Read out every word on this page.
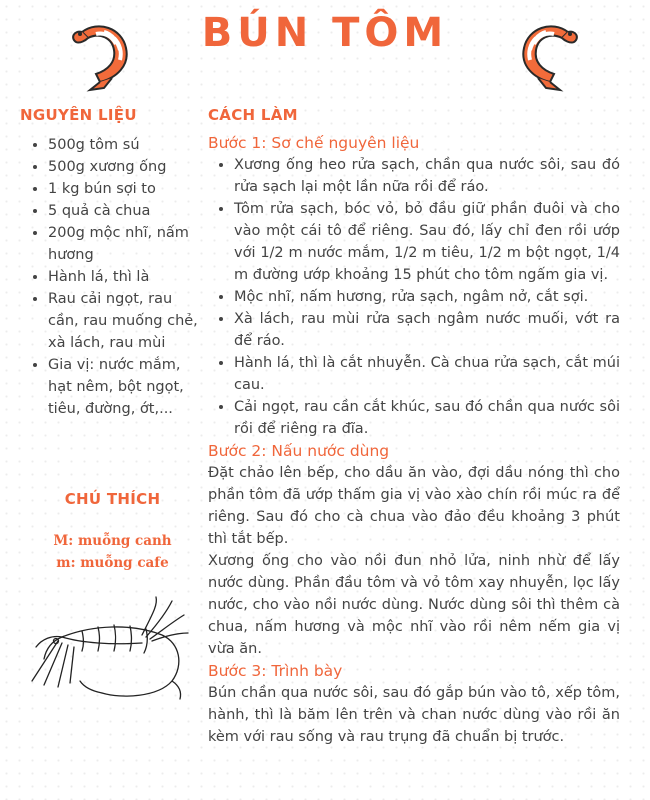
BÚN TÔM
NGUYÊN LIỆU
• 500g tôm sú
• 500g xương ống
• 1 kg bún sợi to
• 5 quả cà chua
• 200g mộc nhĩ, nấm hương
• Hành lá, thì là
• Rau cải ngọt, rau cần, rau muống chẻ, xà lách, rau mùi
• Gia vị: nước mắm, hạt nêm, bột ngọt, tiêu, đường, ớt,...
CHÚ THÍCH
M: muỗng canh
m: muỗng cafe
CÁCH LÀM
Bước 1: Sơ chế nguyên liệu
• Xương ống heo rửa sạch, chần qua nước sôi, sau đó rửa sạch lại một lần nữa rồi để ráo.
• Tôm rửa sạch, bóc vỏ, bỏ đầu giữ phần đuôi và cho vào một cái tô để riêng. Sau đó, lấy chỉ đen rồi ướp với 1/2 m nước mắm, 1/2 m tiêu, 1/2 m bột ngọt, 1/4 m đường ướp khoảng 15 phút cho tôm ngấm gia vị.
• Mộc nhĩ, nấm hương, rửa sạch, ngâm nở, cắt sợi.
• Xà lách, rau mùi rửa sạch ngâm nước muối, vớt ra để ráo.
• Hành lá, thì là cắt nhuyễn. Cà chua rửa sạch, cắt múi cau.
• Cải ngọt, rau cần cắt khúc, sau đó chần qua nước sôi rồi để riêng ra đĩa.
Bước 2: Nấu nước dùng

Đặt chảo lên bếp, cho dầu ăn vào, đợi dầu nóng thì cho phần tôm đã ướp thấm gia vị vào xào chín rồi múc ra để riêng. Sau đó cho cà chua vào đảo đều khoảng 3 phút thì tắt bếp.

Xương ống cho vào nồi đun nhỏ lửa, ninh nhừ để lấy nước dùng. Phần đầu tôm và vỏ tôm xay nhuyễn, lọc lấy nước, cho vào nồi nước dùng. Nước dùng sôi thì thêm cà chua, nấm hương và mộc nhĩ vào rồi nêm nếm gia vị vừa ăn.

Bước 3: Trình bày

Bún chần qua nước sôi, sau đó gắp bún vào tô, xếp tôm, hành, thì là băm lên trên và chan nước dùng vào rồi ăn kèm với rau sống và rau trụng đã chuẩn bị trước.
